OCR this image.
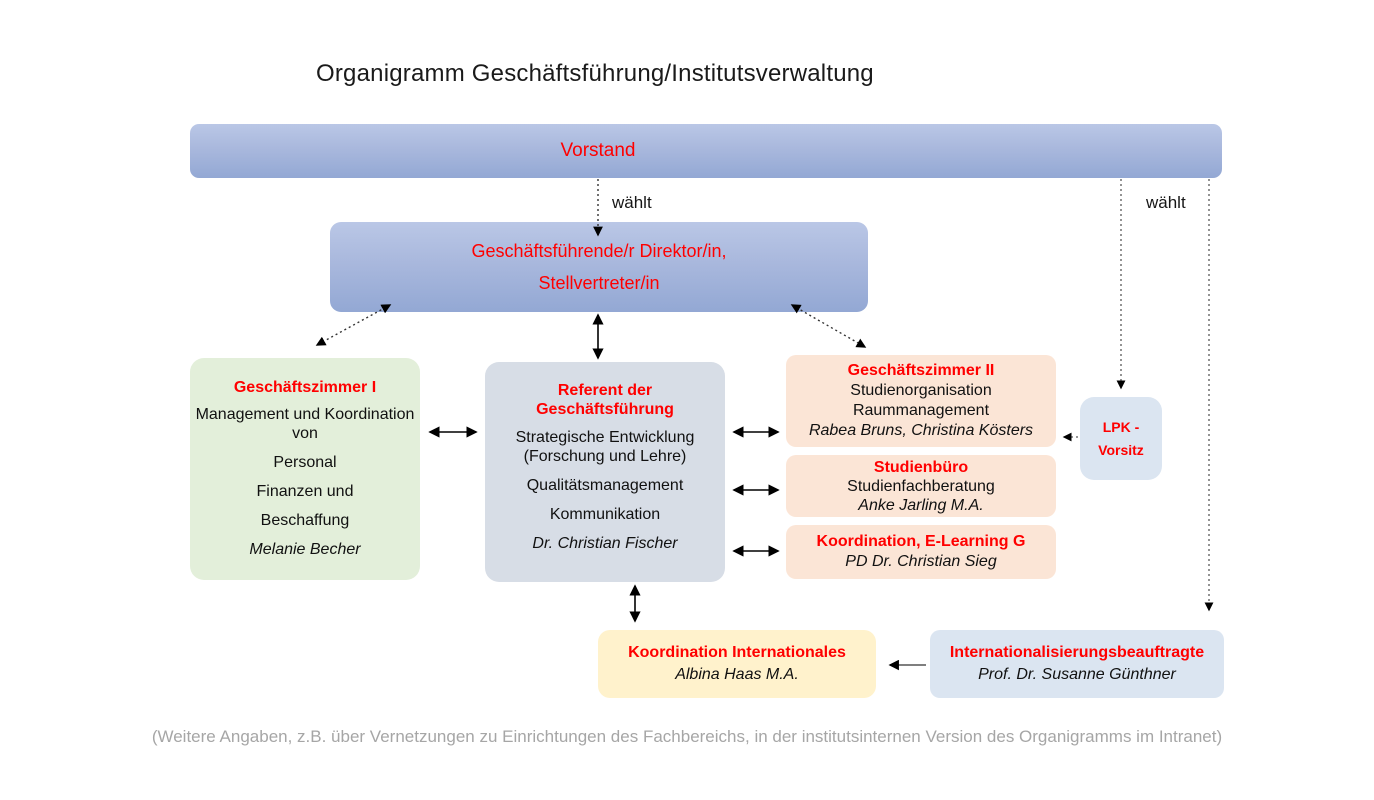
Organigramm Geschäftsführung/Institutsverwaltung
Vorstand
wählt	wählt
Geschäftsführende/r Direktor/in,
Stellvertreter/in
Geschäftszimmer I
Management und Koordination von
Personal
Finanzen und
Beschaffung
Melanie Becher
Referent der Geschäftsführung
Strategische Entwicklung (Forschung und Lehre)
Qualitätsmanagement
Kommunikation
Dr. Christian Fischer
Geschäftszimmer II
Studienorganisation
Raummanagement
Rabea Bruns, Christina Kösters
Studienbüro
Studienfachberatung
Anke Jarling M.A.
Koordination, E-Learning G
PD Dr. Christian Sieg
LPK - Vorsitz
Koordination Internationales
Albina Haas M.A.
Internationalisierungsbeauftragte
Prof. Dr. Susanne Günthner
(Weitere Angaben, z.B. über Vernetzungen zu Einrichtungen des Fachbereichs, in der institutsinternen Version des Organigramms im Intranet)
